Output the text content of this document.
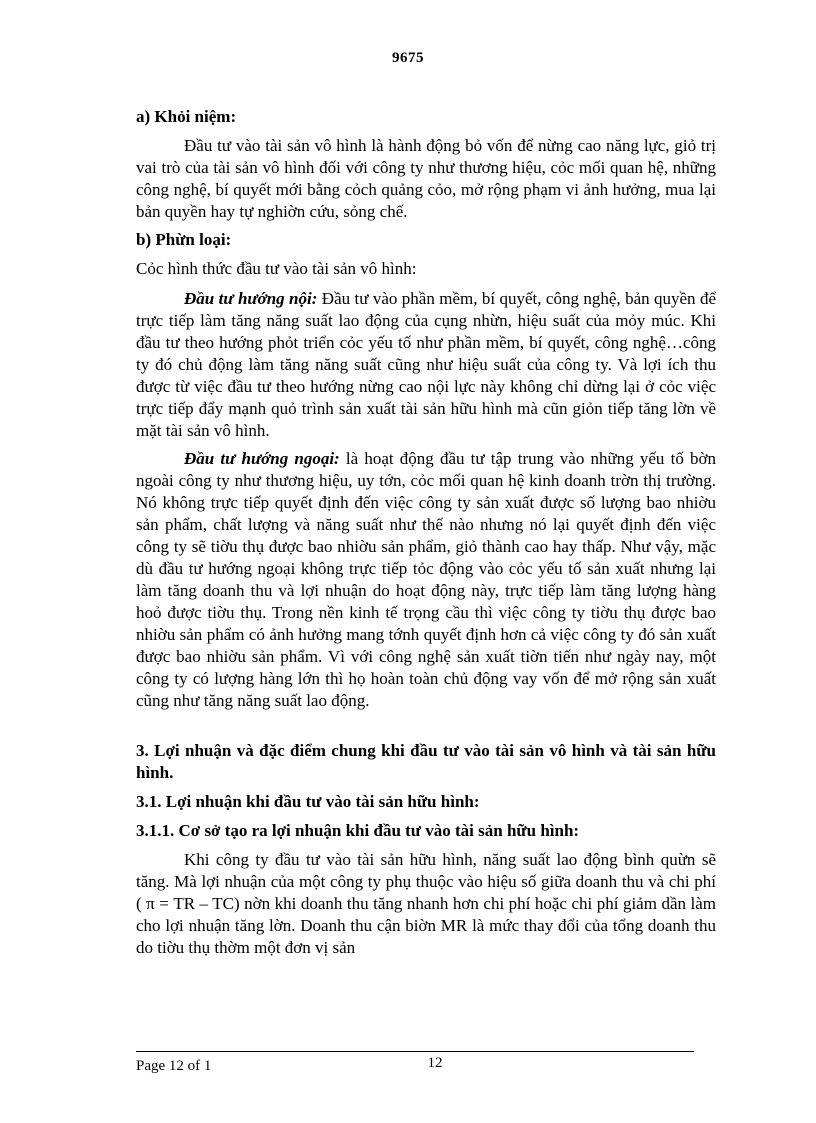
9675

a) Khỏi niệm:

Đầu tư vào tài sản vô hình là hành động bỏ vốn để nừng cao năng lực, giỏ trị vai trò của tài sản vô hình đối với công ty như thương hiệu, cỏc mối quan hệ, những công nghệ, bí quyết mới bằng cỏch quảng cỏo, mở rộng phạm vi ảnh hưởng, mua lại bản quyền hay tự nghiờn cứu, sỏng chế.

b) Phừn loại:

Cỏc hình thức đầu tư vào tài sản vô hình:

Đầu tư hướng nội: Đầu tư vào phần mềm, bí quyết, công nghệ, bản quyền để trực tiếp làm tăng năng suất lao động của cụng nhừn, hiệu suất của mỏy múc. Khi đầu tư theo hướng phỏt triển cỏc yếu tố như phần mềm, bí quyết, công nghệ…công ty đó chủ động làm tăng năng suất cũng như hiệu suất của công ty. Và lợi ích thu được từ việc đầu tư theo hướng nừng cao nội lực này không chỉ dừng lại ở cỏc việc trực tiếp đẩy mạnh quỏ trình sản xuất tài sản hữu hình mà cũn giỏn tiếp tăng lờn về mặt tài sản vô hình.

Đầu tư hướng ngoại: là hoạt động đầu tư tập trung vào những yếu tố bờn ngoài công ty như thương hiệu, uy tớn, cỏc mối quan hệ kinh doanh trờn thị trường. Nó không trực tiếp quyết định đến việc công ty sản xuất được số lượng bao nhiờu sản phẩm, chất lượng và năng suất như thế nào nhưng nó lại quyết định đến việc công ty sẽ tiờu thụ được bao nhiờu sản phẩm, giỏ thành cao hay thấp. Như vậy, mặc dù đầu tư hướng ngoại không trực tiếp tỏc động vào cỏc yếu tố sản xuất nhưng lại làm tăng doanh thu và lợi nhuận do hoạt động này, trực tiếp làm tăng lượng hàng hoỏ được tiờu thụ. Trong nền kinh tế trọng cầu thì việc công ty tiờu thụ được bao nhiờu sản phẩm có ảnh hưởng mang tớnh quyết định hơn cả việc công ty đó sản xuất được bao nhiờu sản phẩm. Vì với công nghệ sản xuất tiờn tiến như ngày nay, một công ty có lượng hàng lớn thì họ hoàn toàn chủ động vay vốn để mở rộng sản xuất cũng như tăng năng suất lao động.

3. Lợi nhuận và đặc điểm chung khi đầu tư vào tài sản vô hình và tài sản hữu hình.

3.1. Lợi nhuận khi đầu tư vào tài sản hữu hình:

3.1.1. Cơ sở tạo ra lợi nhuận khi đầu tư vào tài sản hữu hình:

Khi công ty đầu tư vào tài sản hữu hình, năng suất lao động bình quừn sẽ tăng. Mà lợi nhuận của một công ty phụ thuộc vào hiệu số giữa doanh thu và chi phí ( π = TR – TC) nờn khi doanh thu tăng nhanh hơn chi phí hoặc chi phí giảm dần làm cho lợi nhuận tăng lờn. Doanh thu cận biờn MR là mức thay đổi của tổng doanh thu do tiờu thụ thờm một đơn vị sản

Page 12 of 1	12
